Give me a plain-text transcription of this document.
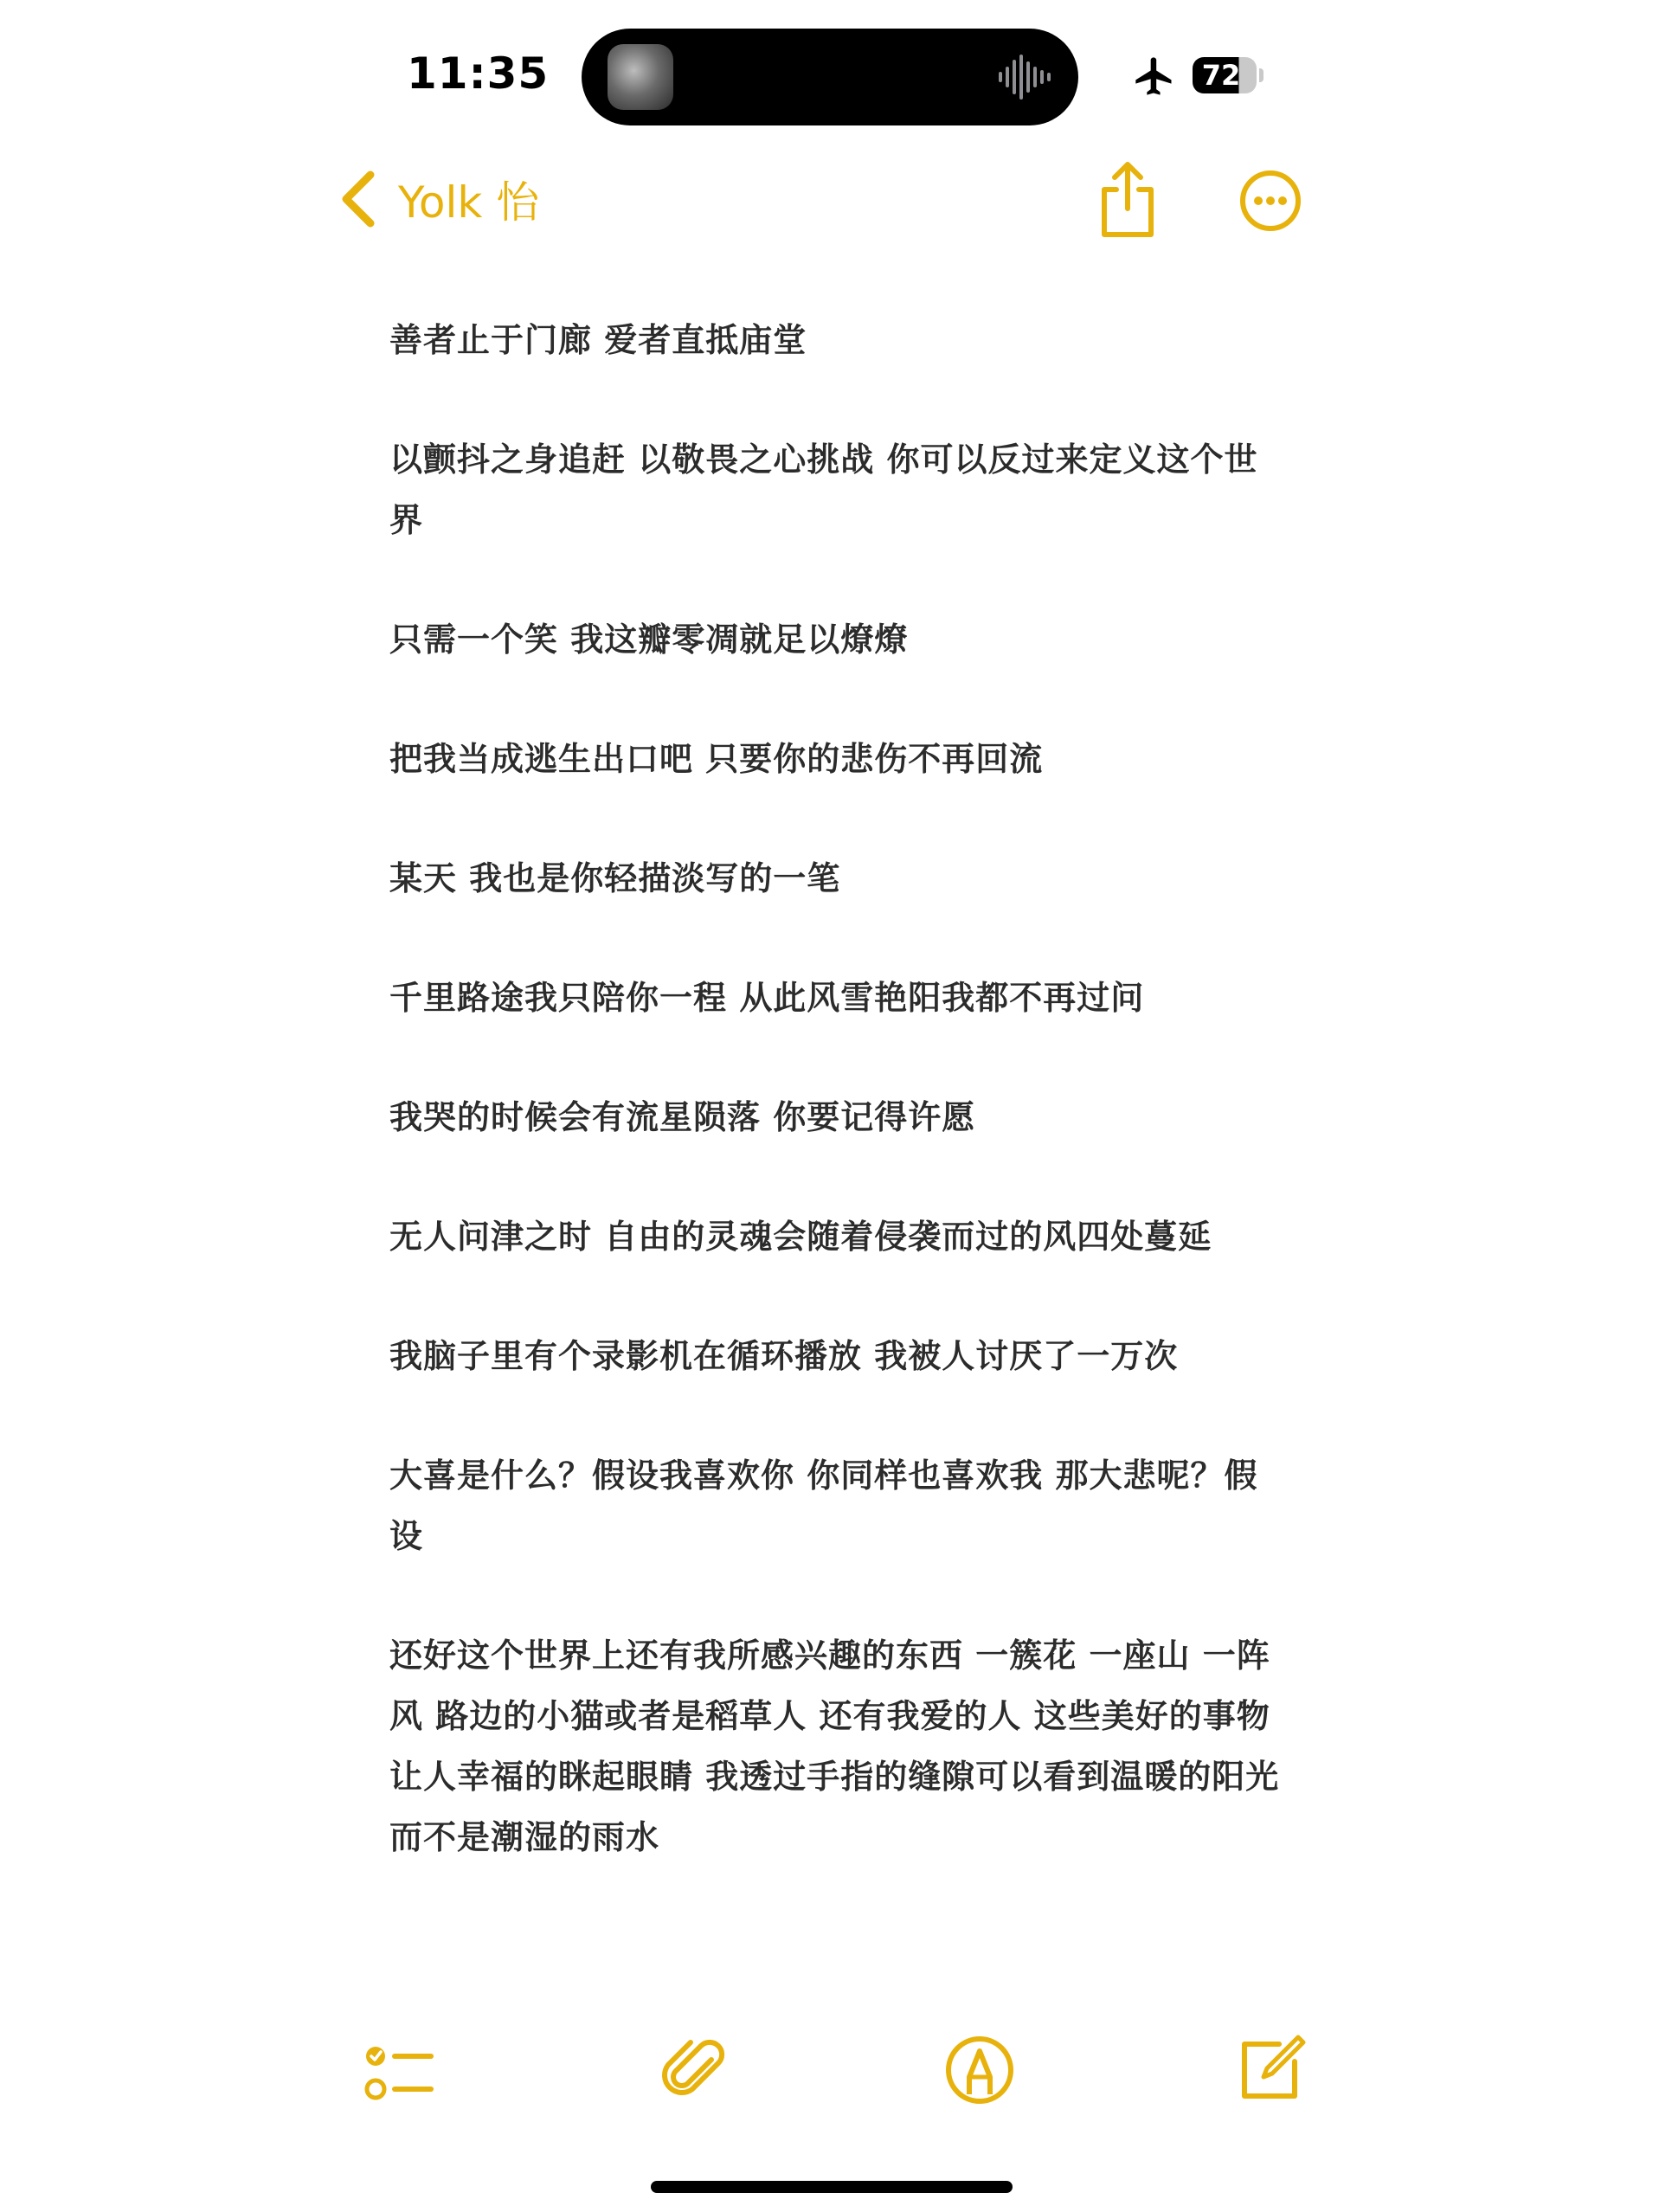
11:35	72
Yolk 怡

善者止于门廊 爱者直抵庙堂

以颤抖之身追赶 以敬畏之心挑战 你可以反过来定义这个世界

只需一个笑 我这瓣零凋就足以燎燎

把我当成逃生出口吧 只要你的悲伤不再回流

某天 我也是你轻描淡写的一笔

千里路途我只陪你一程 从此风雪艳阳我都不再过问

我哭的时候会有流星陨落 你要记得许愿

无人问津之时 自由的灵魂会随着侵袭而过的风四处蔓延

我脑子里有个录影机在循环播放 我被人讨厌了一万次

大喜是什么？假设我喜欢你 你同样也喜欢我 那大悲呢？假设

还好这个世界上还有我所感兴趣的东西 一簇花 一座山 一阵风 路边的小猫或者是稻草人 还有我爱的人 这些美好的事物让人幸福的眯起眼睛 我透过手指的缝隙可以看到温暖的阳光 而不是潮湿的雨水
